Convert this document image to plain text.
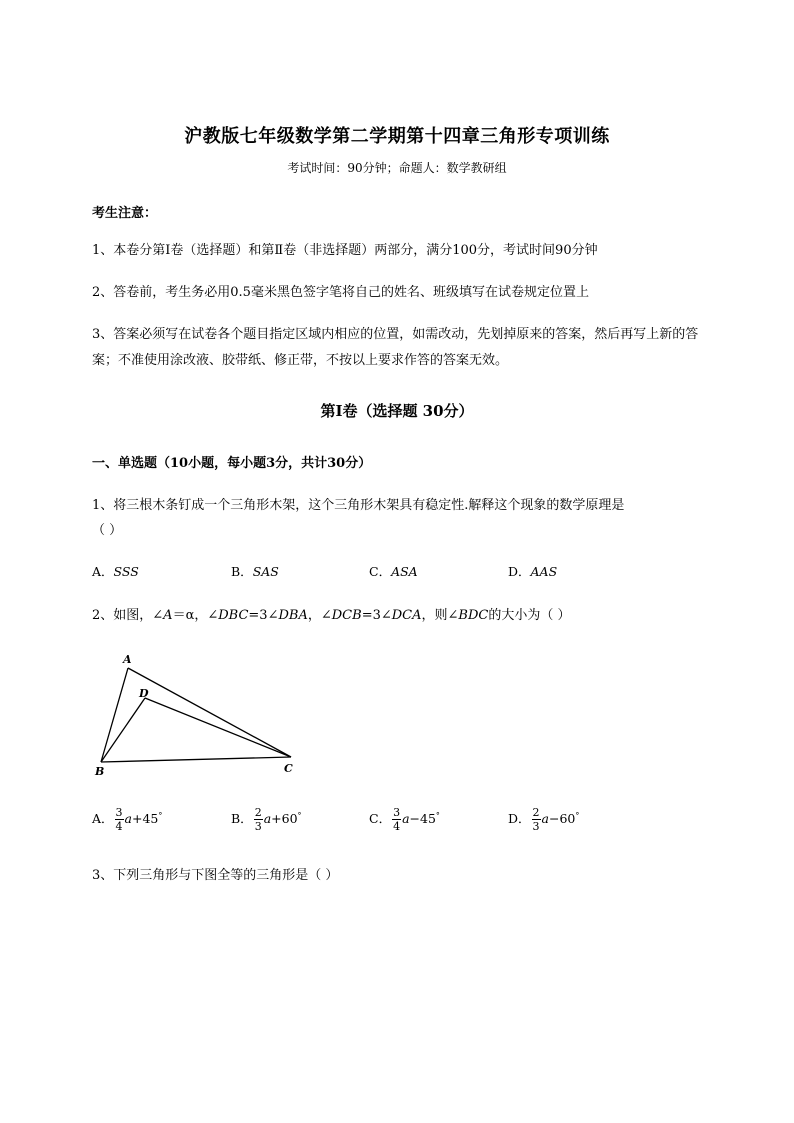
沪教版七年级数学第二学期第十四章三角形专项训练
考试时间：90分钟；命题人：数学教研组
考生注意：
1、本卷分第I卷（选择题）和第Ⅱ卷（非选择题）两部分，满分100分，考试时间90分钟
2、答卷前，考生务必用0.5毫米黑色签字笔将自己的姓名、班级填写在试卷规定位置上
3、答案必须写在试卷各个题目指定区域内相应的位置，如需改动，先划掉原来的答案，然后再写上新的答案；不准使用涂改液、胶带纸、修正带，不按以上要求作答的答案无效。
第I卷（选择题 30分）
一、单选题（10小题，每小题3分，共计30分）
1、将三根木条钉成一个三角形木架，这个三角形木架具有稳定性.解释这个现象的数学原理是
（ ）
A．SSS	B．SAS	C．ASA	D．AAS
2、如图，∠A＝α，∠DBC=3∠DBA，∠DCB=3∠DCA，则∠BDC的大小为（ ）
A
D
B	C
A． $\frac{3}{4} a+45^\circ$	B． $\frac{2}{3} a+60^\circ$	C． $\frac{3}{4} a-45^\circ$	D． $\frac{2}{3} a-60^\circ$
3、下列三角形与下图全等的三角形是（ ）
